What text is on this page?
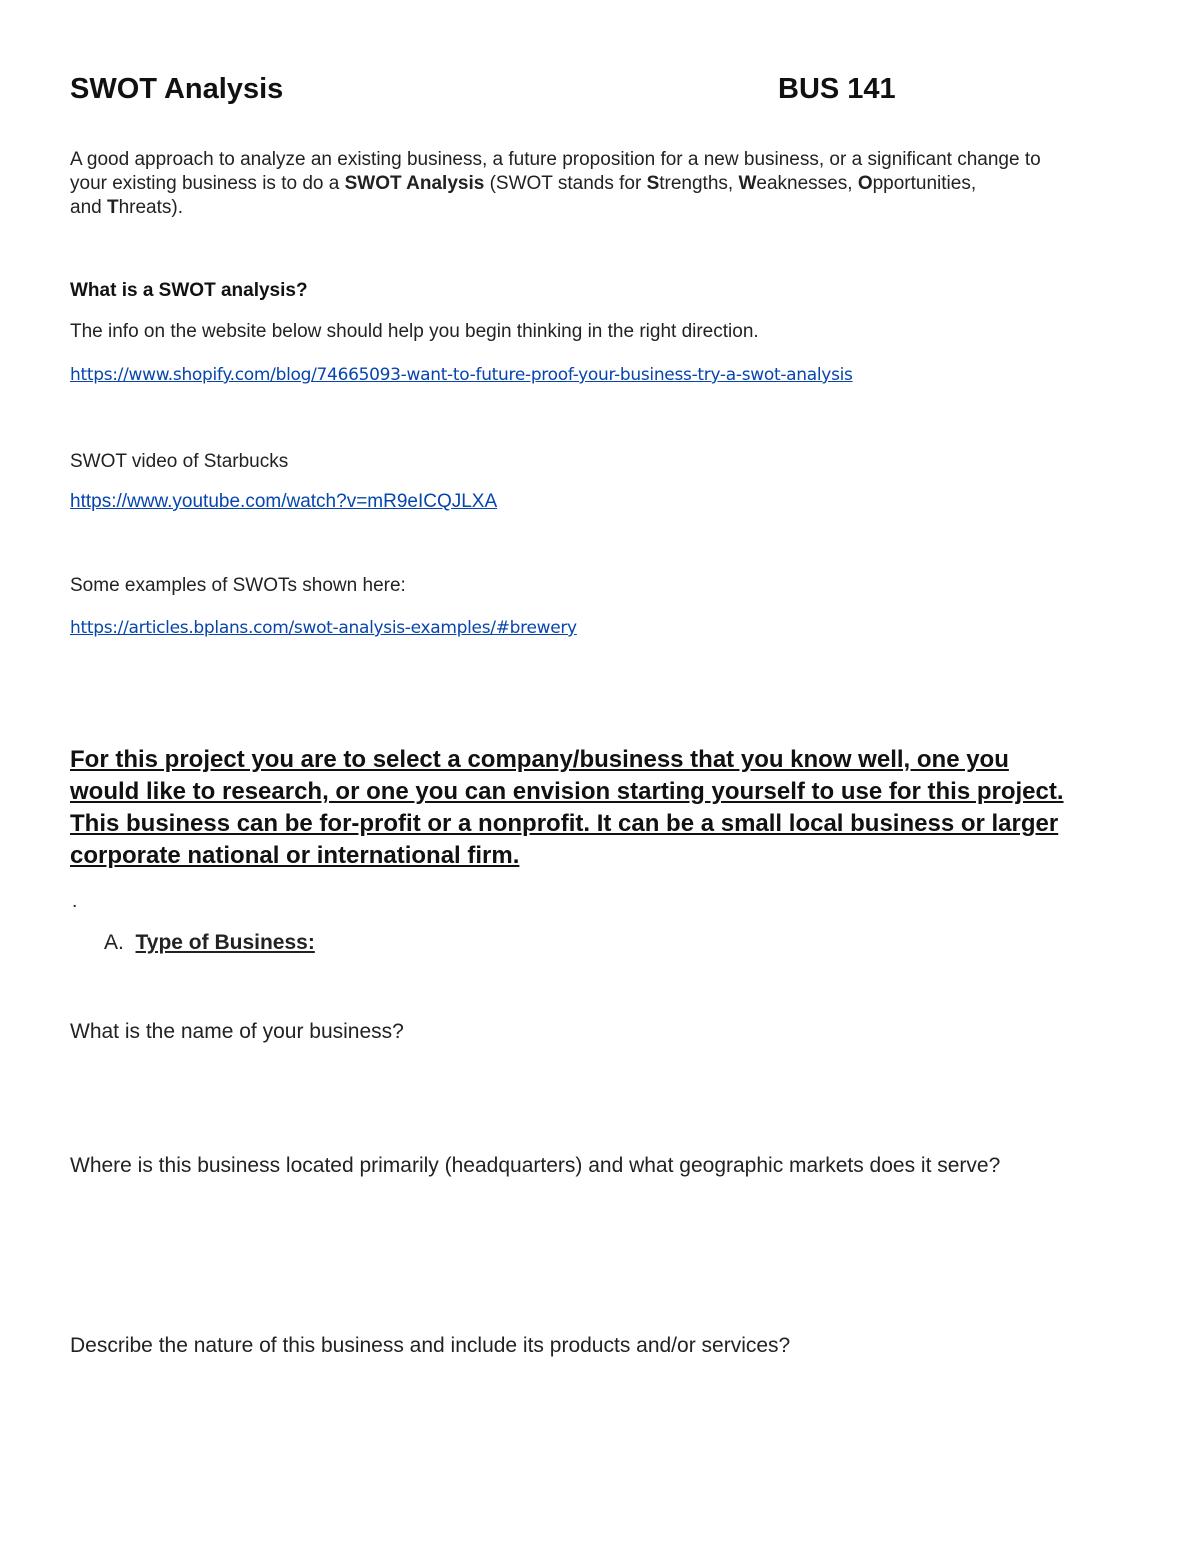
SWOT Analysis	BUS 141
A good approach to analyze an existing business, a future proposition for a new business, or a significant change to
your existing business is to do a SWOT Analysis (SWOT stands for Strengths, Weaknesses, Opportunities,
and Threats).
What is a SWOT analysis?
The info on the website below should help you begin thinking in the right direction.
https://www.shopify.com/blog/74665093-want-to-future-proof-your-business-try-a-swot-analysis
SWOT video of Starbucks
https://www.youtube.com/watch?v=mR9eICQJLXA
Some examples of SWOTs shown here:
https://articles.bplans.com/swot-analysis-examples/#brewery
For this project you are to select a company/business that you know well, one you
would like to research, or one you can envision starting yourself to use for this project.
This business can be for-profit or a nonprofit. It can be a small local business or larger
corporate national or international firm.
.
A. Type of Business:
What is the name of your business?
Where is this business located primarily (headquarters) and what geographic markets does it serve?
Describe the nature of this business and include its products and/or services?
